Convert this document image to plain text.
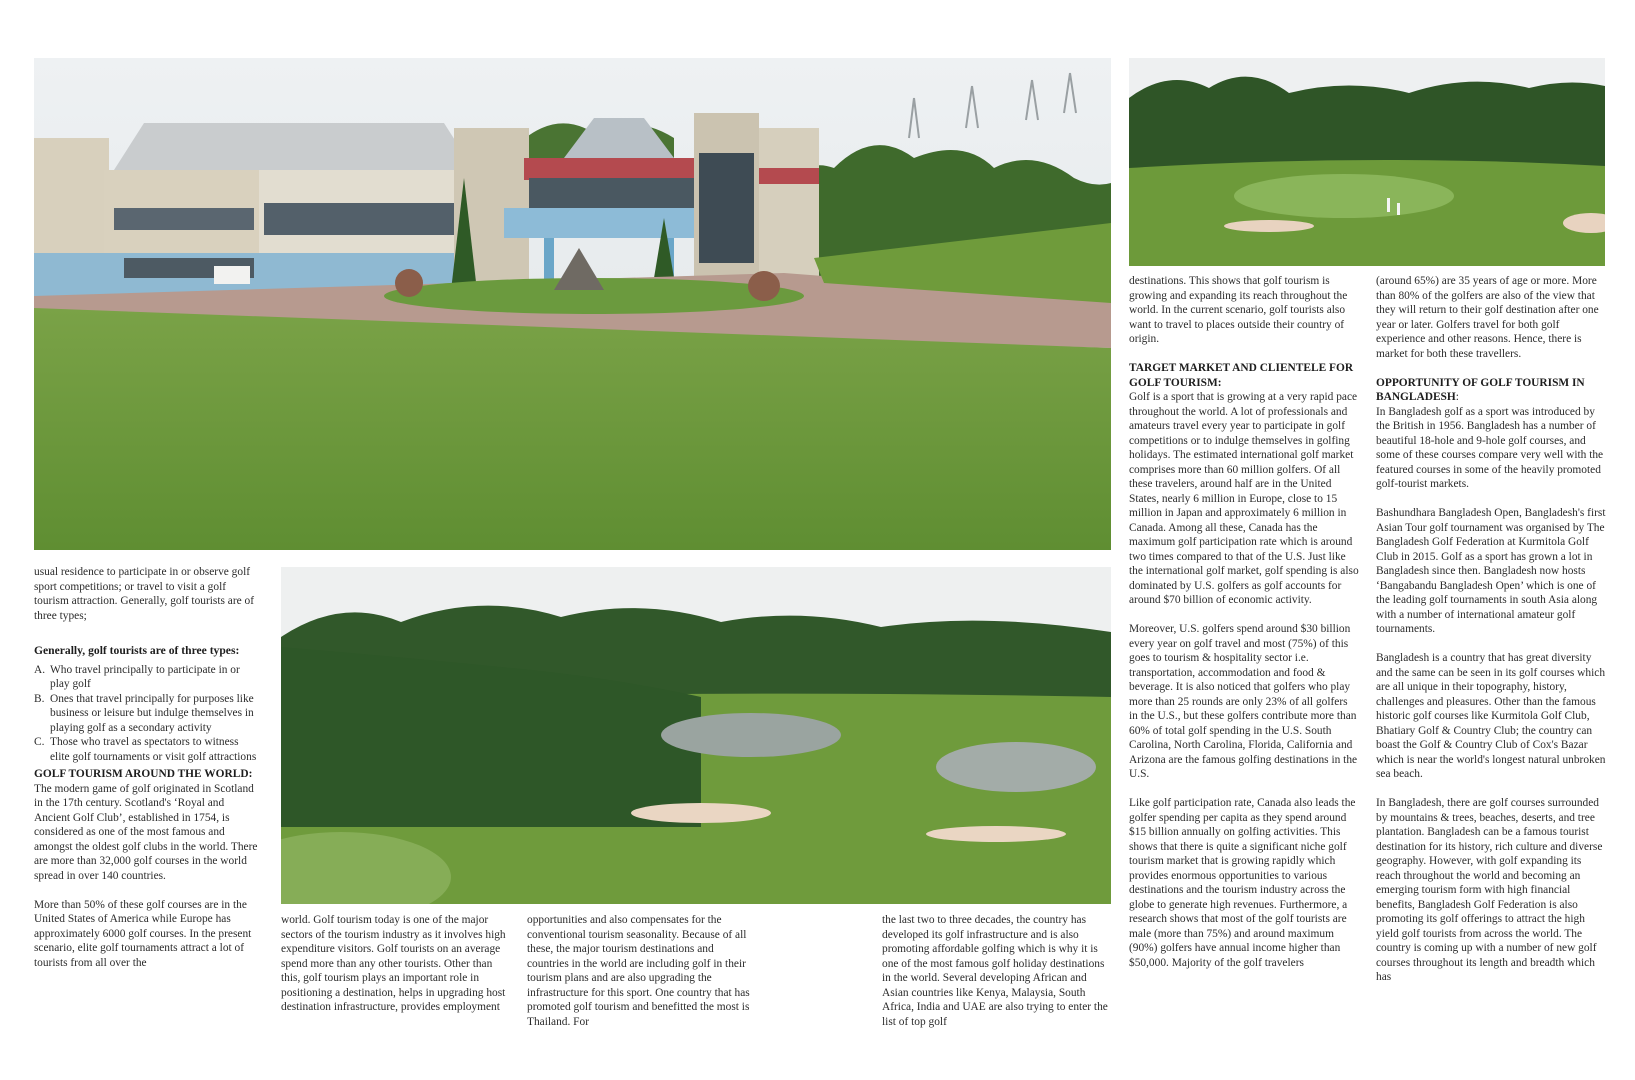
usual residence to participate in or observe golf sport competitions; or travel to visit a golf tourism attraction. Generally, golf tourists are of three types;

Generally, golf tourists are of three types:
A. Who travel principally to participate in or play golf
B. Ones that travel principally for purposes like business or leisure but indulge themselves in playing golf as a secondary activity
C. Those who travel as spectators to witness elite golf tournaments or visit golf attractions
GOLF TOURISM AROUND THE WORLD:

The modern game of golf originated in Scotland in the 17th century. Scotland's ‘Royal and Ancient Golf Club’, established in 1754, is considered as one of the most famous and amongst the oldest golf clubs in the world. There are more than 32,000 golf courses in the world spread in over 140 countries.

More than 50% of these golf courses are in the United States of America while Europe has approximately 6000 golf courses. In the present scenario, elite golf tournaments attract a lot of tourists from all over the

world. Golf tourism today is one of the major sectors of the tourism industry as it involves high expenditure visitors. Golf tourists on an average spend more than any other tourists. Other than this, golf tourism plays an important role in positioning a destination, helps in upgrading host destination infrastructure, provides employment

opportunities and also compensates for the conventional tourism seasonality. Because of all these, the major tourism destinations and countries in the world are including golf in their tourism plans and are also upgrading the infrastructure for this sport. One country that has promoted golf tourism and benefitted the most is Thailand. For

the last two to three decades, the country has developed its golf infrastructure and is also promoting affordable golfing which is why it is one of the most famous golf holiday destinations in the world. Several developing African and Asian countries like Kenya, Malaysia, South Africa, India and UAE are also trying to enter the list of top golf

destinations. This shows that golf tourism is growing and expanding its reach throughout the world. In the current scenario, golf tourists also want to travel to places outside their country of origin.

TARGET MARKET AND CLIENTELE FOR GOLF TOURISM:

Golf is a sport that is growing at a very rapid pace throughout the world. A lot of professionals and amateurs travel every year to participate in golf competitions or to indulge themselves in golfing holidays. The estimated international golf market comprises more than 60 million golfers. Of all these travelers, around half are in the United States, nearly 6 million in Europe, close to 15 million in Japan and approximately 6 million in Canada. Among all these, Canada has the maximum golf participation rate which is around two times compared to that of the U.S. Just like the international golf market, golf spending is also dominated by U.S. golfers as golf accounts for around $70 billion of economic activity.

Moreover, U.S. golfers spend around $30 billion every year on golf travel and most (75%) of this goes to tourism & hospitality sector i.e. transportation, accommodation and food & beverage. It is also noticed that golfers who play more than 25 rounds are only 23% of all golfers in the U.S., but these golfers contribute more than 60% of total golf spending in the U.S. South Carolina, North Carolina, Florida, California and Arizona are the famous golfing destinations in the U.S.

Like golf participation rate, Canada also leads the golfer spending per capita as they spend around $15 billion annually on golfing activities. This shows that there is quite a significant niche golf tourism market that is growing rapidly which provides enormous opportunities to various destinations and the tourism industry across the globe to generate high revenues. Furthermore, a research shows that most of the golf tourists are male (more than 75%) and around maximum (90%) golfers have annual income higher than $50,000. Majority of the golf travelers

(around 65%) are 35 years of age or more. More than 80% of the golfers are also of the view that they will return to their golf destination after one year or later. Golfers travel for both golf experience and other reasons. Hence, there is market for both these travellers.

OPPORTUNITY OF GOLF TOURISM IN BANGLADESH:

In Bangladesh golf as a sport was introduced by the British in 1956. Bangladesh has a number of beautiful 18-hole and 9-hole golf courses, and some of these courses compare very well with the featured courses in some of the heavily promoted golf-tourist markets.

Bashundhara Bangladesh Open, Bangladesh's first Asian Tour golf tournament was organised by The Bangladesh Golf Federation at Kurmitola Golf Club in 2015. Golf as a sport has grown a lot in Bangladesh since then. Bangladesh now hosts ‘Bangabandu Bangladesh Open’ which is one of the leading golf tournaments in south Asia along with a number of international amateur golf tournaments.

Bangladesh is a country that has great diversity and the same can be seen in its golf courses which are all unique in their topography, history, challenges and pleasures. Other than the famous historic golf courses like Kurmitola Golf Club, Bhatiary Golf & Country Club; the country can boast the Golf & Country Club of Cox's Bazar which is near the world's longest natural unbroken sea beach.

In Bangladesh, there are golf courses surrounded by mountains & trees, beaches, deserts, and tree plantation. Bangladesh can be a famous tourist destination for its history, rich culture and diverse geography. However, with golf expanding its reach throughout the world and becoming an emerging tourism form with high financial benefits, Bangladesh Golf Federation is also promoting its golf offerings to attract the high yield golf tourists from across the world. The country is coming up with a number of new golf courses throughout its length and breadth which has
